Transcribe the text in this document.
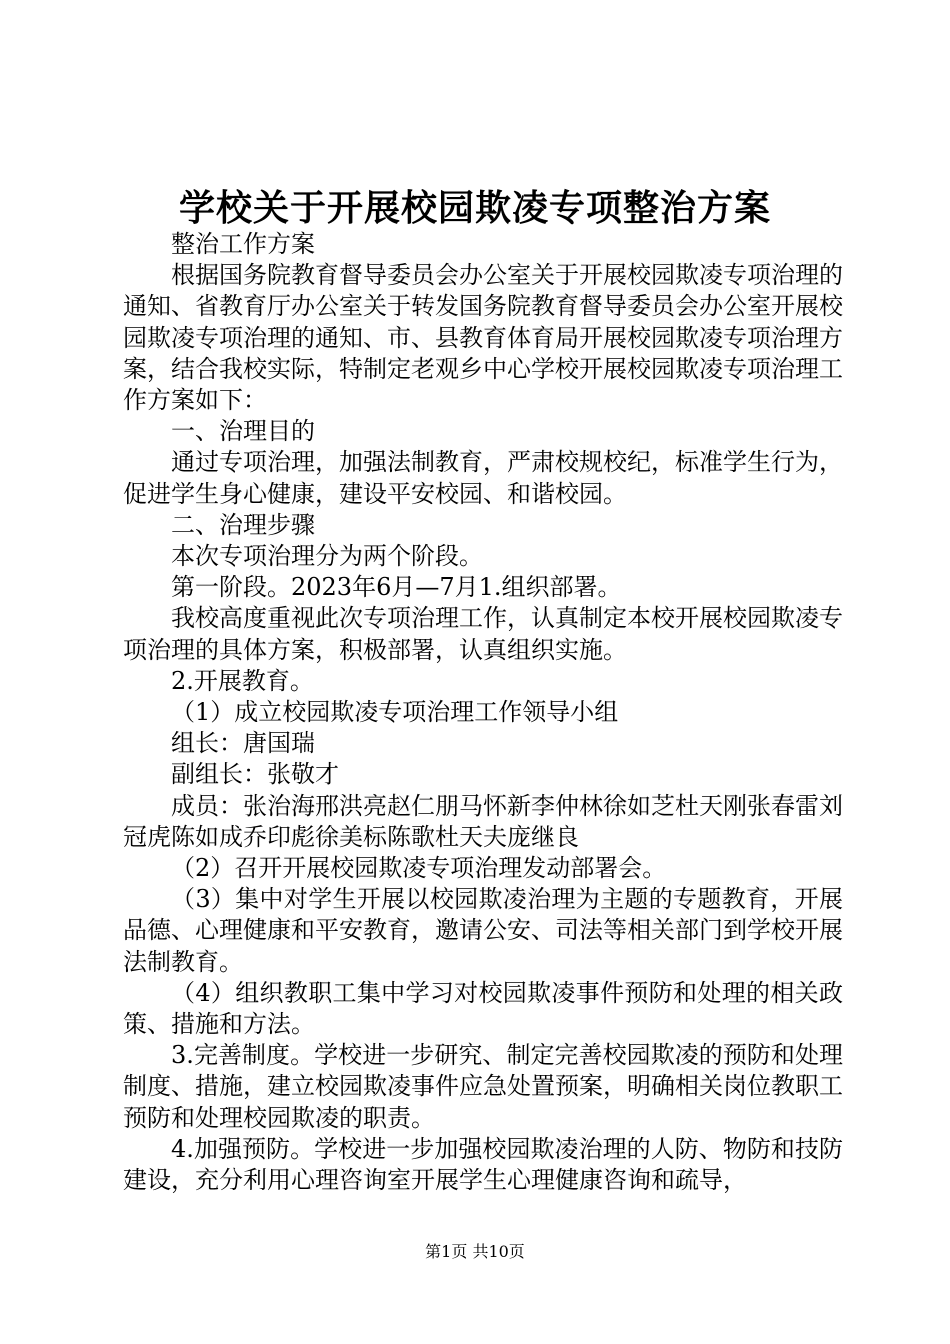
学校关于开展校园欺凌专项整治方案

整治工作方案

根据国务院教育督导委员会办公室关于开展校园欺凌专项治理的通知、省教育厅办公室关于转发国务院教育督导委员会办公室开展校园欺凌专项治理的通知、市、县教育体育局开展校园欺凌专项治理方案，结合我校实际，特制定老观乡中心学校开展校园欺凌专项治理工作方案如下：

一、治理目的

通过专项治理，加强法制教育，严肃校规校纪，标准学生行为，促进学生身心健康，建设平安校园、和谐校园。

二、治理步骤

本次专项治理分为两个阶段。

第一阶段。2023年6月—7月1.组织部署。

我校高度重视此次专项治理工作，认真制定本校开展校园欺凌专项治理的具体方案，积极部署，认真组织实施。

2.开展教育。

（1）成立校园欺凌专项治理工作领导小组

组长：唐国瑞

副组长：张敬才

成员：张治海邢洪亮赵仁朋马怀新李仲林徐如芝杜天刚张春雷刘冠虎陈如成乔印彪徐美标陈歌杜天夫庞继良

（2）召开开展校园欺凌专项治理发动部署会。

（3）集中对学生开展以校园欺凌治理为主题的专题教育，开展品德、心理健康和平安教育，邀请公安、司法等相关部门到学校开展法制教育。

（4）组织教职工集中学习对校园欺凌事件预防和处理的相关政策、措施和方法。

3.完善制度。学校进一步研究、制定完善校园欺凌的预防和处理制度、措施，建立校园欺凌事件应急处置预案，明确相关岗位教职工预防和处理校园欺凌的职责。

4.加强预防。学校进一步加强校园欺凌治理的人防、物防和技防建设，充分利用心理咨询室开展学生心理健康咨询和疏导，

第1页 共10页
